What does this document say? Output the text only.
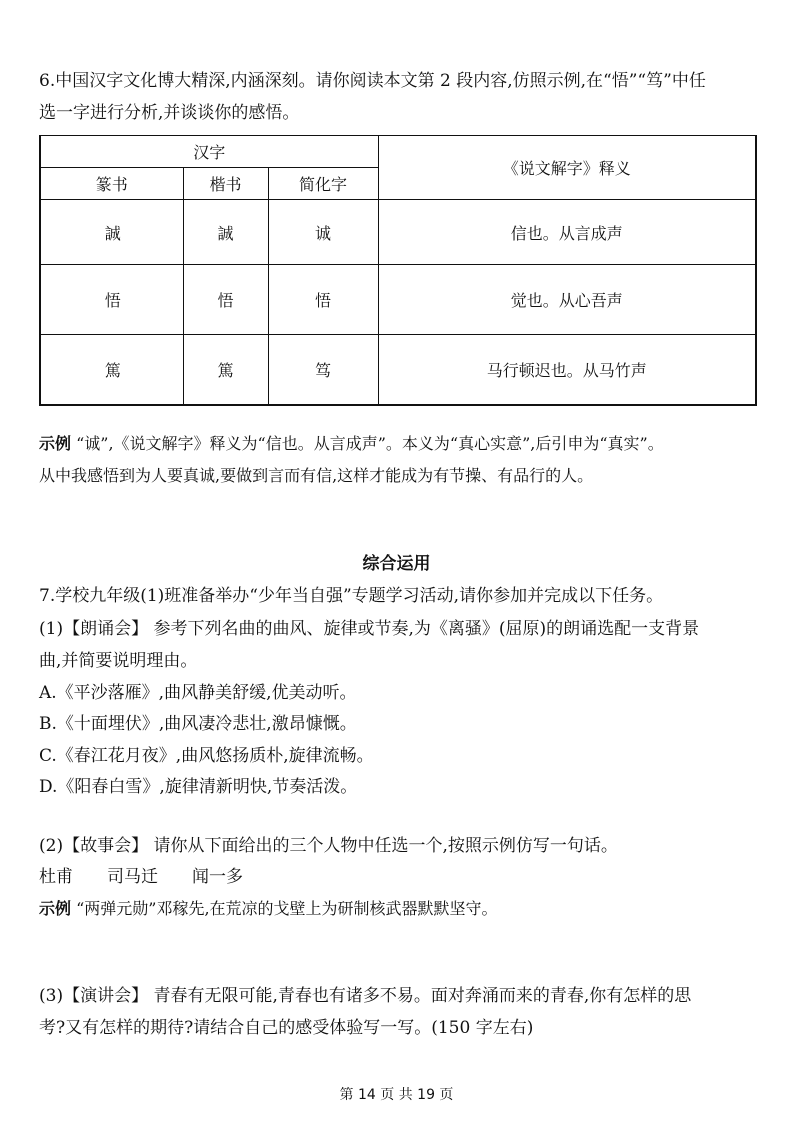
6.中国汉字文化博大精深,内涵深刻。请你阅读本文第 2 段内容,仿照示例,在“悟”“笃”中任
选一字进行分析,并谈谈你的感悟。
汉字			《说文解字》释义
篆书	楷书	简化字	
誠	誠	诚	信也。从言成声
悟	悟	悟	觉也。从心吾声
篤	篤	笃	马行顿迟也。从马竹声
示例 “诚”,《说文解字》释义为“信也。从言成声”。本义为“真心实意”,后引申为“真实”。
从中我感悟到为人要真诚,要做到言而有信,这样才能成为有节操、有品行的人。
综合运用
7.学校九年级(1)班准备举办“少年当自强”专题学习活动,请你参加并完成以下任务。
(1)【朗诵会】 参考下列名曲的曲风、旋律或节奏,为《离骚》(屈原)的朗诵选配一支背景
曲,并简要说明理由。
A.《平沙落雁》,曲风静美舒缓,优美动听。
B.《十面埋伏》,曲风凄冷悲壮,激昂慷慨。
C.《春江花月夜》,曲风悠扬质朴,旋律流畅。
D.《阳春白雪》,旋律清新明快,节奏活泼。
(2)【故事会】 请你从下面给出的三个人物中任选一个,按照示例仿写一句话。
杜甫　　司马迁　　闻一多
示例 “两弹元勋”邓稼先,在荒凉的戈壁上为研制核武器默默坚守。
(3)【演讲会】 青春有无限可能,青春也有诸多不易。面对奔涌而来的青春,你有怎样的思
考?又有怎样的期待?请结合自己的感受体验写一写。(150 字左右)
第 14 页 共 19 页
